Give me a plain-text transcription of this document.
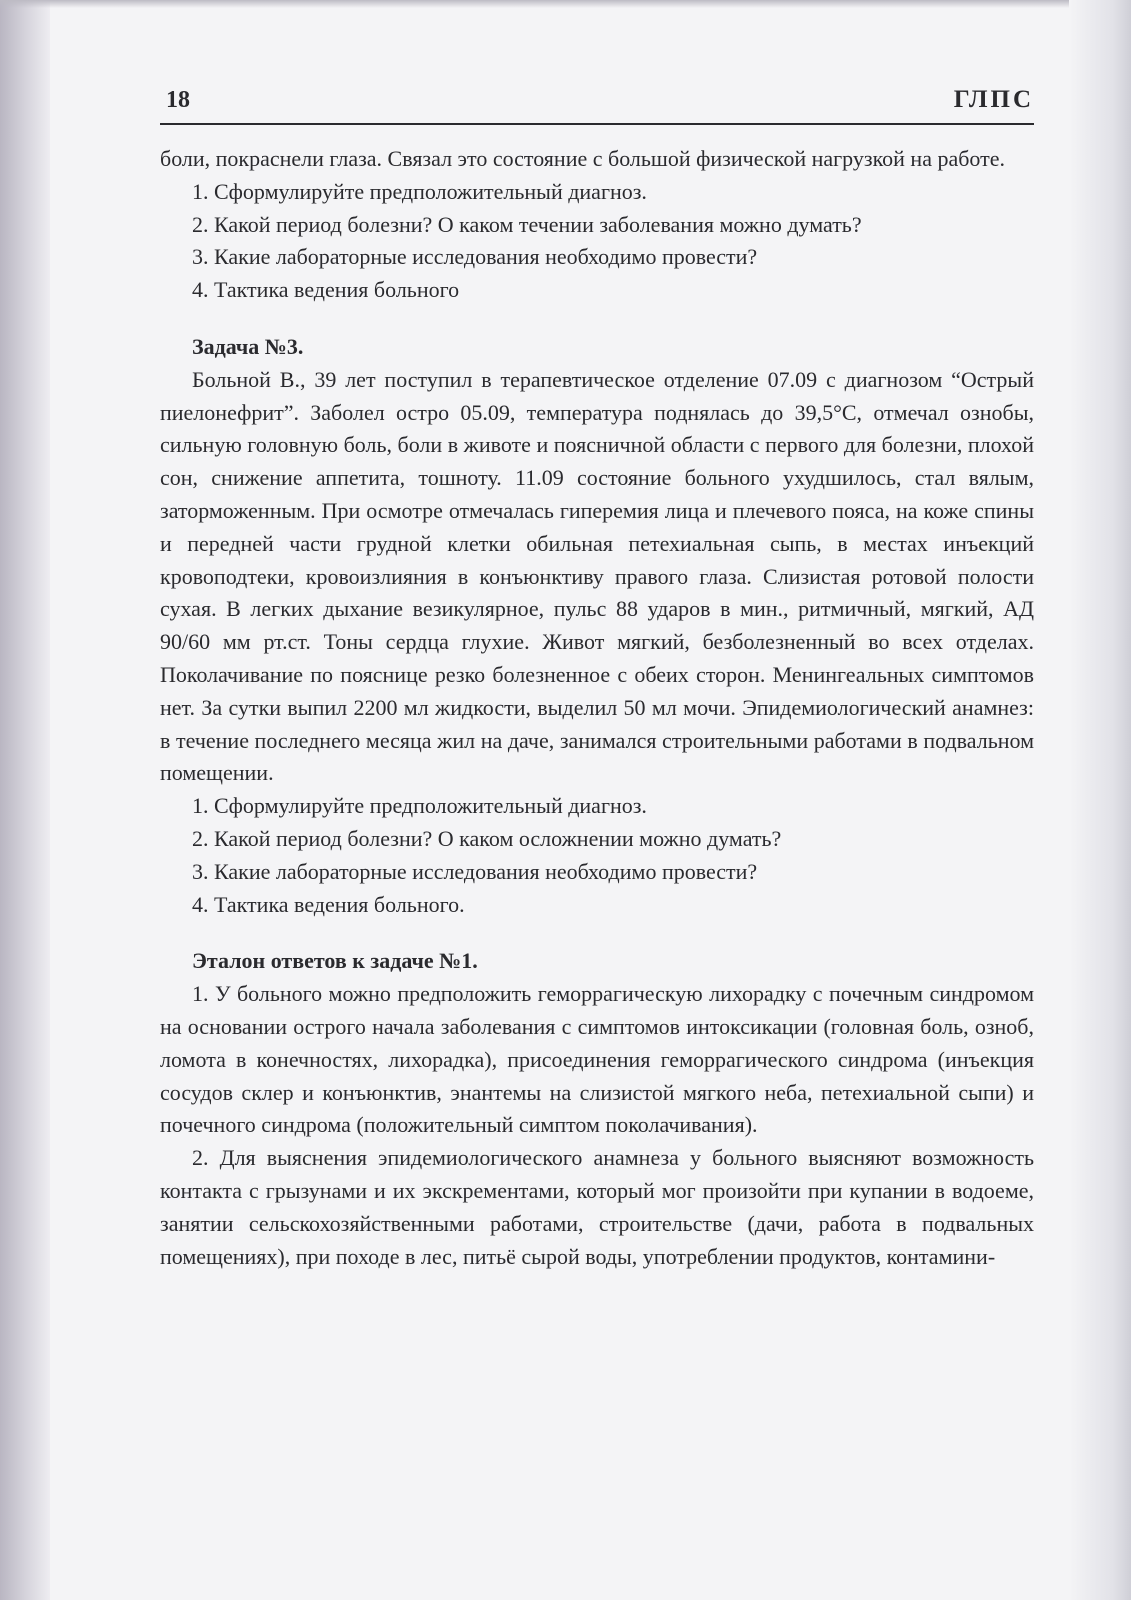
18	ГЛПС

боли, покраснели глаза. Связал это состояние с большой физической нагрузкой на работе.

1. Сформулируйте предположительный диагноз.

2. Какой период болезни? О каком течении заболевания можно думать?

3. Какие лабораторные исследования необходимо провести?

4. Тактика ведения больного

Задача №3.

Больной В., 39 лет поступил в терапевтическое отделение 07.09 с диагнозом “Острый пиелонефрит”. Заболел остро 05.09, температура поднялась до 39,5°С, отмечал ознобы, сильную головную боль, боли в животе и поясничной области с первого для болезни, плохой сон, снижение аппетита, тошноту. 11.09 состояние больного ухудшилось, стал вялым, заторможенным. При осмотре отмечалась гиперемия лица и плечевого пояса, на коже спины и передней части грудной клетки обильная петехиальная сыпь, в местах инъекций кровоподтеки, кровоизлияния в конъюнктиву правого глаза. Слизистая ротовой полости сухая. В легких дыхание везикулярное, пульс 88 ударов в мин., ритмичный, мягкий, АД 90/60 мм рт.ст. Тоны сердца глухие. Живот мягкий, безболезненный во всех отделах. Поколачивание по пояснице резко болезненное с обеих сторон. Менингеальных симптомов нет. За сутки выпил 2200 мл жидкости, выделил 50 мл мочи. Эпидемиологический анамнез: в течение последнего месяца жил на даче, занимался строительными работами в подвальном помещении.

1. Сформулируйте предположительный диагноз.

2. Какой период болезни? О каком осложнении можно думать?

3. Какие лабораторные исследования необходимо провести?

4. Тактика ведения больного.

Эталон ответов к задаче №1.

1. У больного можно предположить геморрагическую лихорадку с почечным синдромом на основании острого начала заболевания с симптомов интоксикации (головная боль, озноб, ломота в конечностях, лихорадка), присоединения геморрагического синдрома (инъекция сосудов склер и конъюнктив, энантемы на слизистой мягкого неба, петехиальной сыпи) и почечного синдрома (положительный симптом поколачивания).

2. Для выяснения эпидемиологического анамнеза у больного выясняют возможность контакта с грызунами и их экскрементами, который мог произойти при купании в водоеме, занятии сельскохозяйственными работами, строительстве (дачи, работа в подвальных помещениях), при походе в лес, питьё сырой воды, употреблении продуктов, контамини-
